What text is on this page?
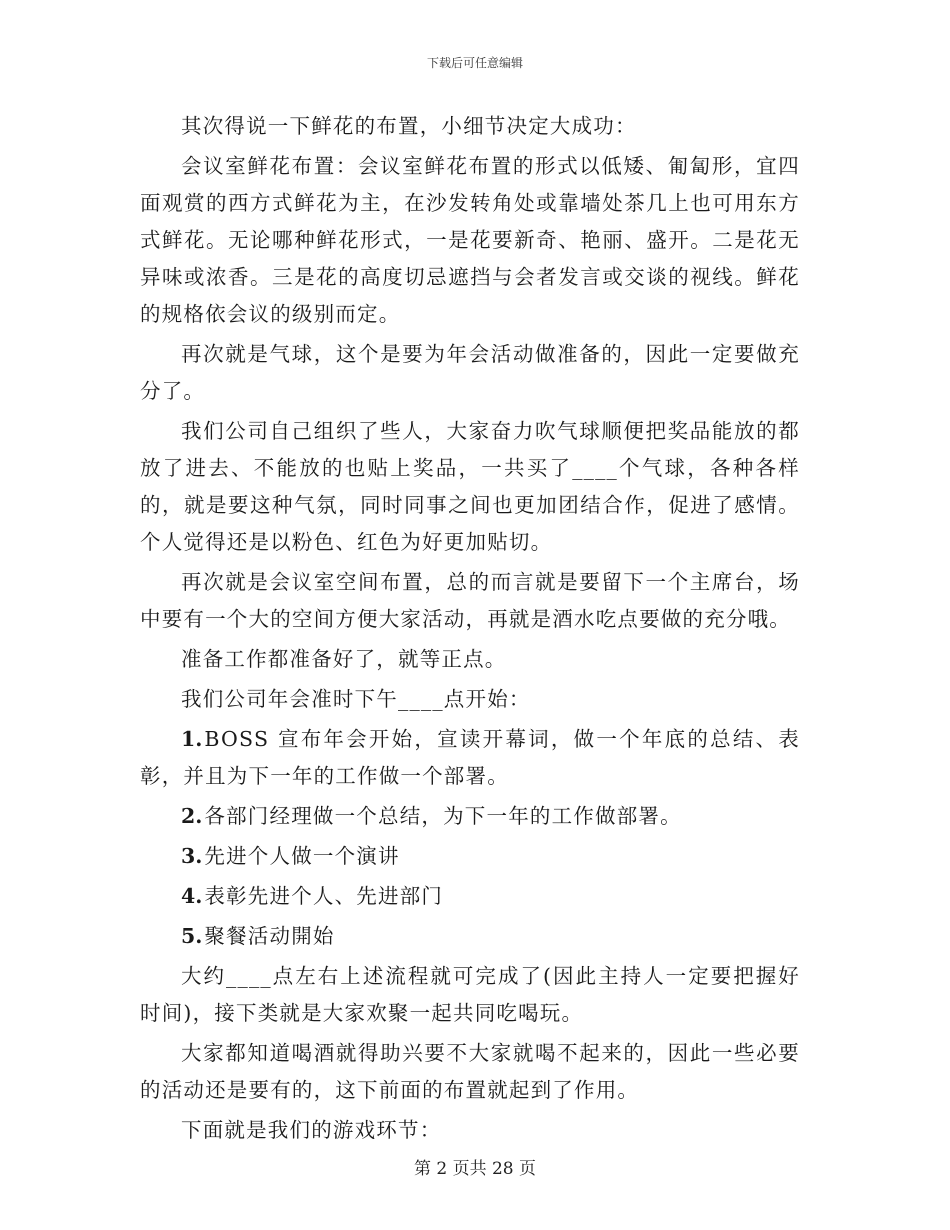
下载后可任意编辑

其次得说一下鲜花的布置，小细节决定大成功：

会议室鲜花布置：会议室鲜花布置的形式以低矮、匍匐形，宜四面观赏的西方式鲜花为主，在沙发转角处或靠墙处茶几上也可用东方式鲜花。无论哪种鲜花形式，一是花要新奇、艳丽、盛开。二是花无异味或浓香。三是花的高度切忌遮挡与会者发言或交谈的视线。鲜花的规格依会议的级别而定。

再次就是气球，这个是要为年会活动做准备的，因此一定要做充分了。

我们公司自己组织了些人，大家奋力吹气球顺便把奖品能放的都放了进去、不能放的也贴上奖品，一共买了____个气球，各种各样的，就是要这种气氛，同时同事之间也更加团结合作，促进了感情。个人觉得还是以粉色、红色为好更加贴切。

再次就是会议室空间布置，总的而言就是要留下一个主席台，场中要有一个大的空间方便大家活动，再就是酒水吃点要做的充分哦。

准备工作都准备好了，就等正点。

我们公司年会准时下午____点开始：

1.BOSS 宣布年会开始，宣读开幕词，做一个年底的总结、表彰，并且为下一年的工作做一个部署。

2.各部门经理做一个总结，为下一年的工作做部署。

3.先进个人做一个演讲

4.表彰先进个人、先进部门

5.聚餐活动開始

大约____点左右上述流程就可完成了(因此主持人一定要把握好时间)，接下类就是大家欢聚一起共同吃喝玩。

大家都知道喝酒就得助兴要不大家就喝不起来的，因此一些必要的活动还是要有的，这下前面的布置就起到了作用。

下面就是我们的游戏环节：

第 2 页共 28 页
